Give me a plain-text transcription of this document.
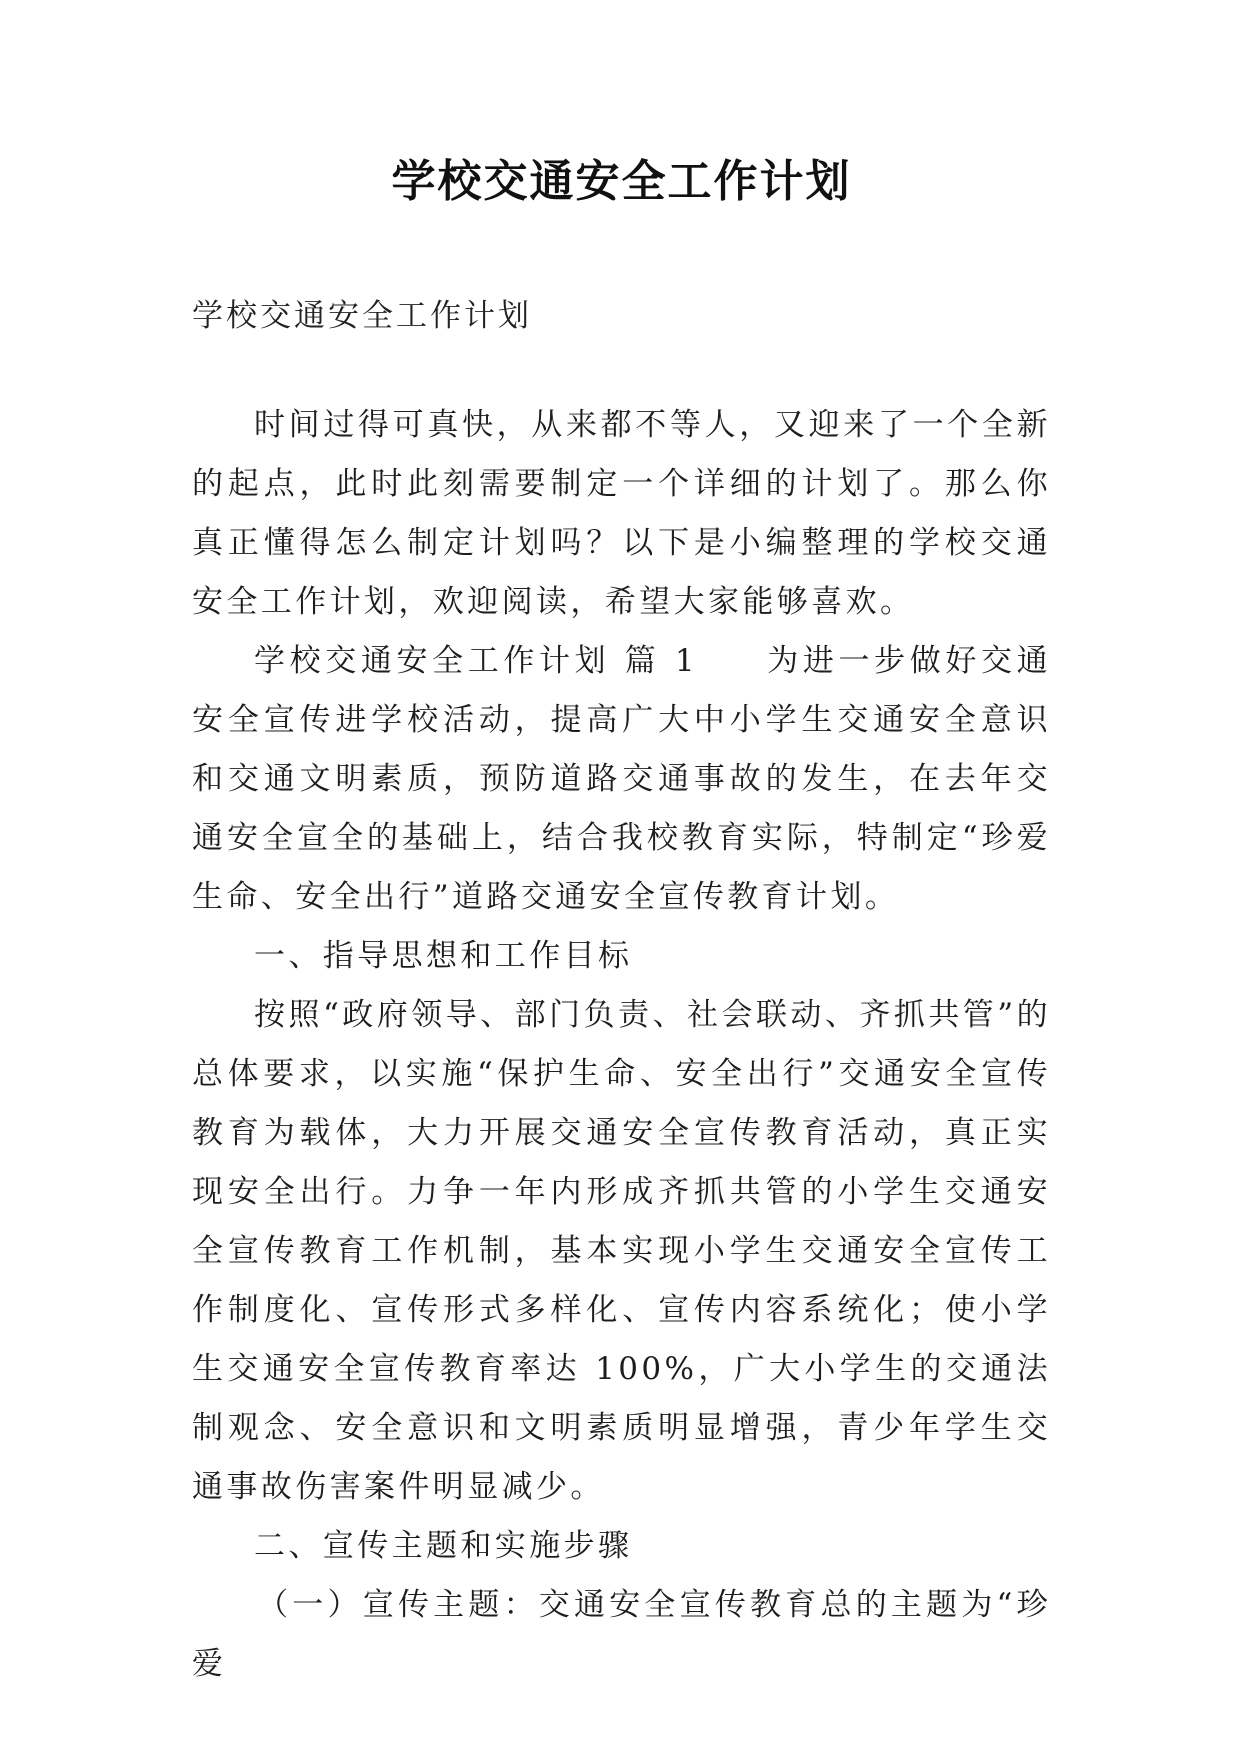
学校交通安全工作计划

学校交通安全工作计划

时间过得可真快，从来都不等人，又迎来了一个全新的起点，此时此刻需要制定一个详细的计划了。那么你真正懂得怎么制定计划吗？以下是小编整理的学校交通安全工作计划，欢迎阅读，希望大家能够喜欢。

学校交通安全工作计划 篇 1 为进一步做好交通安全宣传进学校活动，提高广大中小学生交通安全意识和交通文明素质，预防道路交通事故的发生，在去年交通安全宣全的基础上，结合我校教育实际，特制定“珍爱生命、安全出行”道路交通安全宣传教育计划。

一、指导思想和工作目标

按照“政府领导、部门负责、社会联动、齐抓共管”的总体要求，以实施“保护生命、安全出行”交通安全宣传教育为载体，大力开展交通安全宣传教育活动，真正实现安全出行。力争一年内形成齐抓共管的小学生交通安全宣传教育工作机制，基本实现小学生交通安全宣传工作制度化、宣传形式多样化、宣传内容系统化；使小学生交通安全宣传教育率达 100%，广大小学生的交通法制观念、安全意识和文明素质明显增强，青少年学生交通事故伤害案件明显减少。

二、宣传主题和实施步骤

（一）宣传主题：交通安全宣传教育总的主题为“珍爱
